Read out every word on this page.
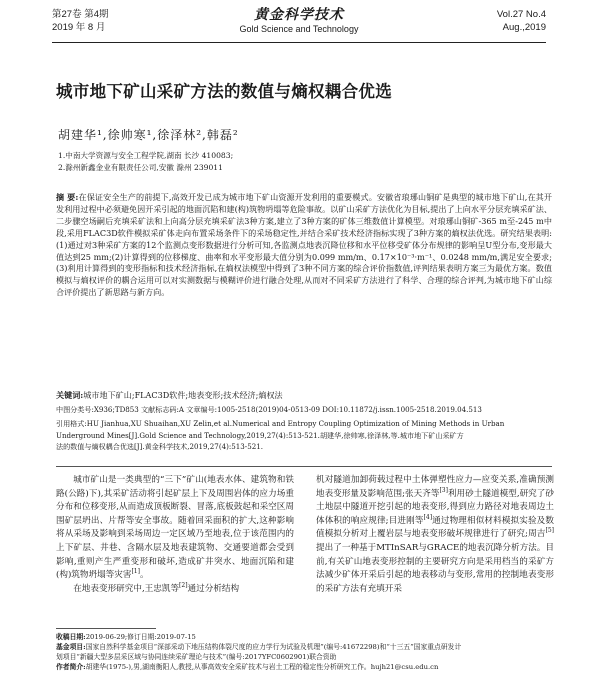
第27卷 第4期
2019 年 8 月
黄金科学技术
Gold Science and Technology
Vol.27 No.4
Aug.,2019
城市地下矿山采矿方法的数值与熵权耦合优选
胡建华¹,徐帅寒¹,徐泽林²,韩磊²
1.中南大学资源与安全工程学院,湖南 长沙 410083;
2.滁州新鑫金业有限责任公司,安徽 滁州 239011
摘 要:在保证安全生产的前提下,高效开发已成为城市地下矿山资源开发利用的重要模式。安徽省琅琊山铜矿是典型的城市地下矿山,在其开发利用过程中必须避免因开采引起的地面沉陷和建(构)筑物坍塌等危险事故。以矿山采矿方法优化为目标,提出了上向水平分层充填采矿法、二步骤空场嗣后充填采矿法和上向高分层充填采矿法3种方案,建立了3种方案的矿体三维数值计算模型。对琅琊山铜矿-365 m至-245 m中段,采用FLAC3D软件模拟采矿体走向布置采场条件下的采场稳定性,并结合采矿技术经济指标实现了3种方案的熵权法优选。研究结果表明:(1)通过对3种采矿方案的12个监测点变形数据进行分析可知,各监测点地表沉降位移和水平位移受矿体分布规律的影响呈U型分布,变形最大值达到25 mm;(2)计算得到的位移梯度、曲率和水平变形最大值分别为0.099 mm/m、0.17×10⁻³·m⁻¹、0.0248 mm/m,满足安全要求;(3)利用计算得到的变形指标和技术经济指标,在熵权法模型中得到了3种不同方案的综合评价指数值,评判结果表明方案三为最优方案。数值模拟与熵权评价的耦合运用可以对实测数据与模糊评价进行融合处理,从而对不同采矿方法进行了科学、合理的综合评判,为城市地下矿山综合评价提出了新思路与新方向。
关键词:城市地下矿山;FLAC3D软件;地表变形;技术经济;熵权法
中图分类号:X936;TD853 文献标志码:A 文章编号:1005-2518(2019)04-0513-09 DOI:10.11872/j.issn.1005-2518.2019.04.513
引用格式:HU Jianhua,XU Shuaihan,XU Zelin,et al.Numerical and Entropy Coupling Optimization of Mining Methods in Urban
Underground Mines[J].Gold Science and Technology,2019,27(4):513-521.胡建华,徐帅寒,徐泽林,等.城市地下矿山采矿方
法的数值与熵权耦合优选[J].黄金科学技术,2019,27(4):513-521.

城市矿山是一类典型的“三下”矿山(地表水体、建筑物和铁路(公路)下),其采矿活动将引起矿层上下及周围岩体的应力场重分布和位移变形,从而造成顶板断裂、冒落,底板鼓起和采空区周围矿层坍出、片帮等安全事故。随着回采面积的扩大,这种影响将从采场及影响到采场周边一定区域乃至地表,位于该范围内的上下矿层、井巷、含隔水层及地表建筑物、交通要道都会受到影响,重则产生严重变形和破坏,造成矿井突水、地面沉陷和建(构)筑物坍塌等灾害[1]。

在地表变形研究中,王忠凯等[2]通过分析结构

机对隧道加卸荷载过程中土体弹塑性应力—应变关系,准确预测地表变形量及影响范围;张天齐等[3]利用砂土隧道模型,研究了砂土地层中隧道开挖引起的地表变形,得到应力路径对地表周边土体体积的响应规律;目进刚等[4]通过物理相似材料模拟实验及数值模拟分析对上覆岩层与地表变形破坏规律进行了研究;周吉[5]提出了一种基于MTInSAR与GRACE的地表沉降分析方法。目前,有关矿山地表变形控制的主要研究方向是采用档当的采矿方法减少矿体开采后引起的地表移动与变形,常用的控制地表变形的采矿方法有充填开采

收稿日期:2019-06-29;修订日期:2019-07-15
基金项目:国家自然科学基金项目“深部采动下地压结构体裂尺度的应力学行为试验及机理”(编号:41672298)和“十三五”国家重点研发计
划项目“新疆大型多层采区域与协同连续采矿理论与技术”(编号:2017YFC0602901)联合资助
作者简介:胡建华(1975-),男,湖南衡阳人,教授,从事高效安全采矿技术与岩土工程的稳定性分析研究工作。hujh21@csu.edu.cn
